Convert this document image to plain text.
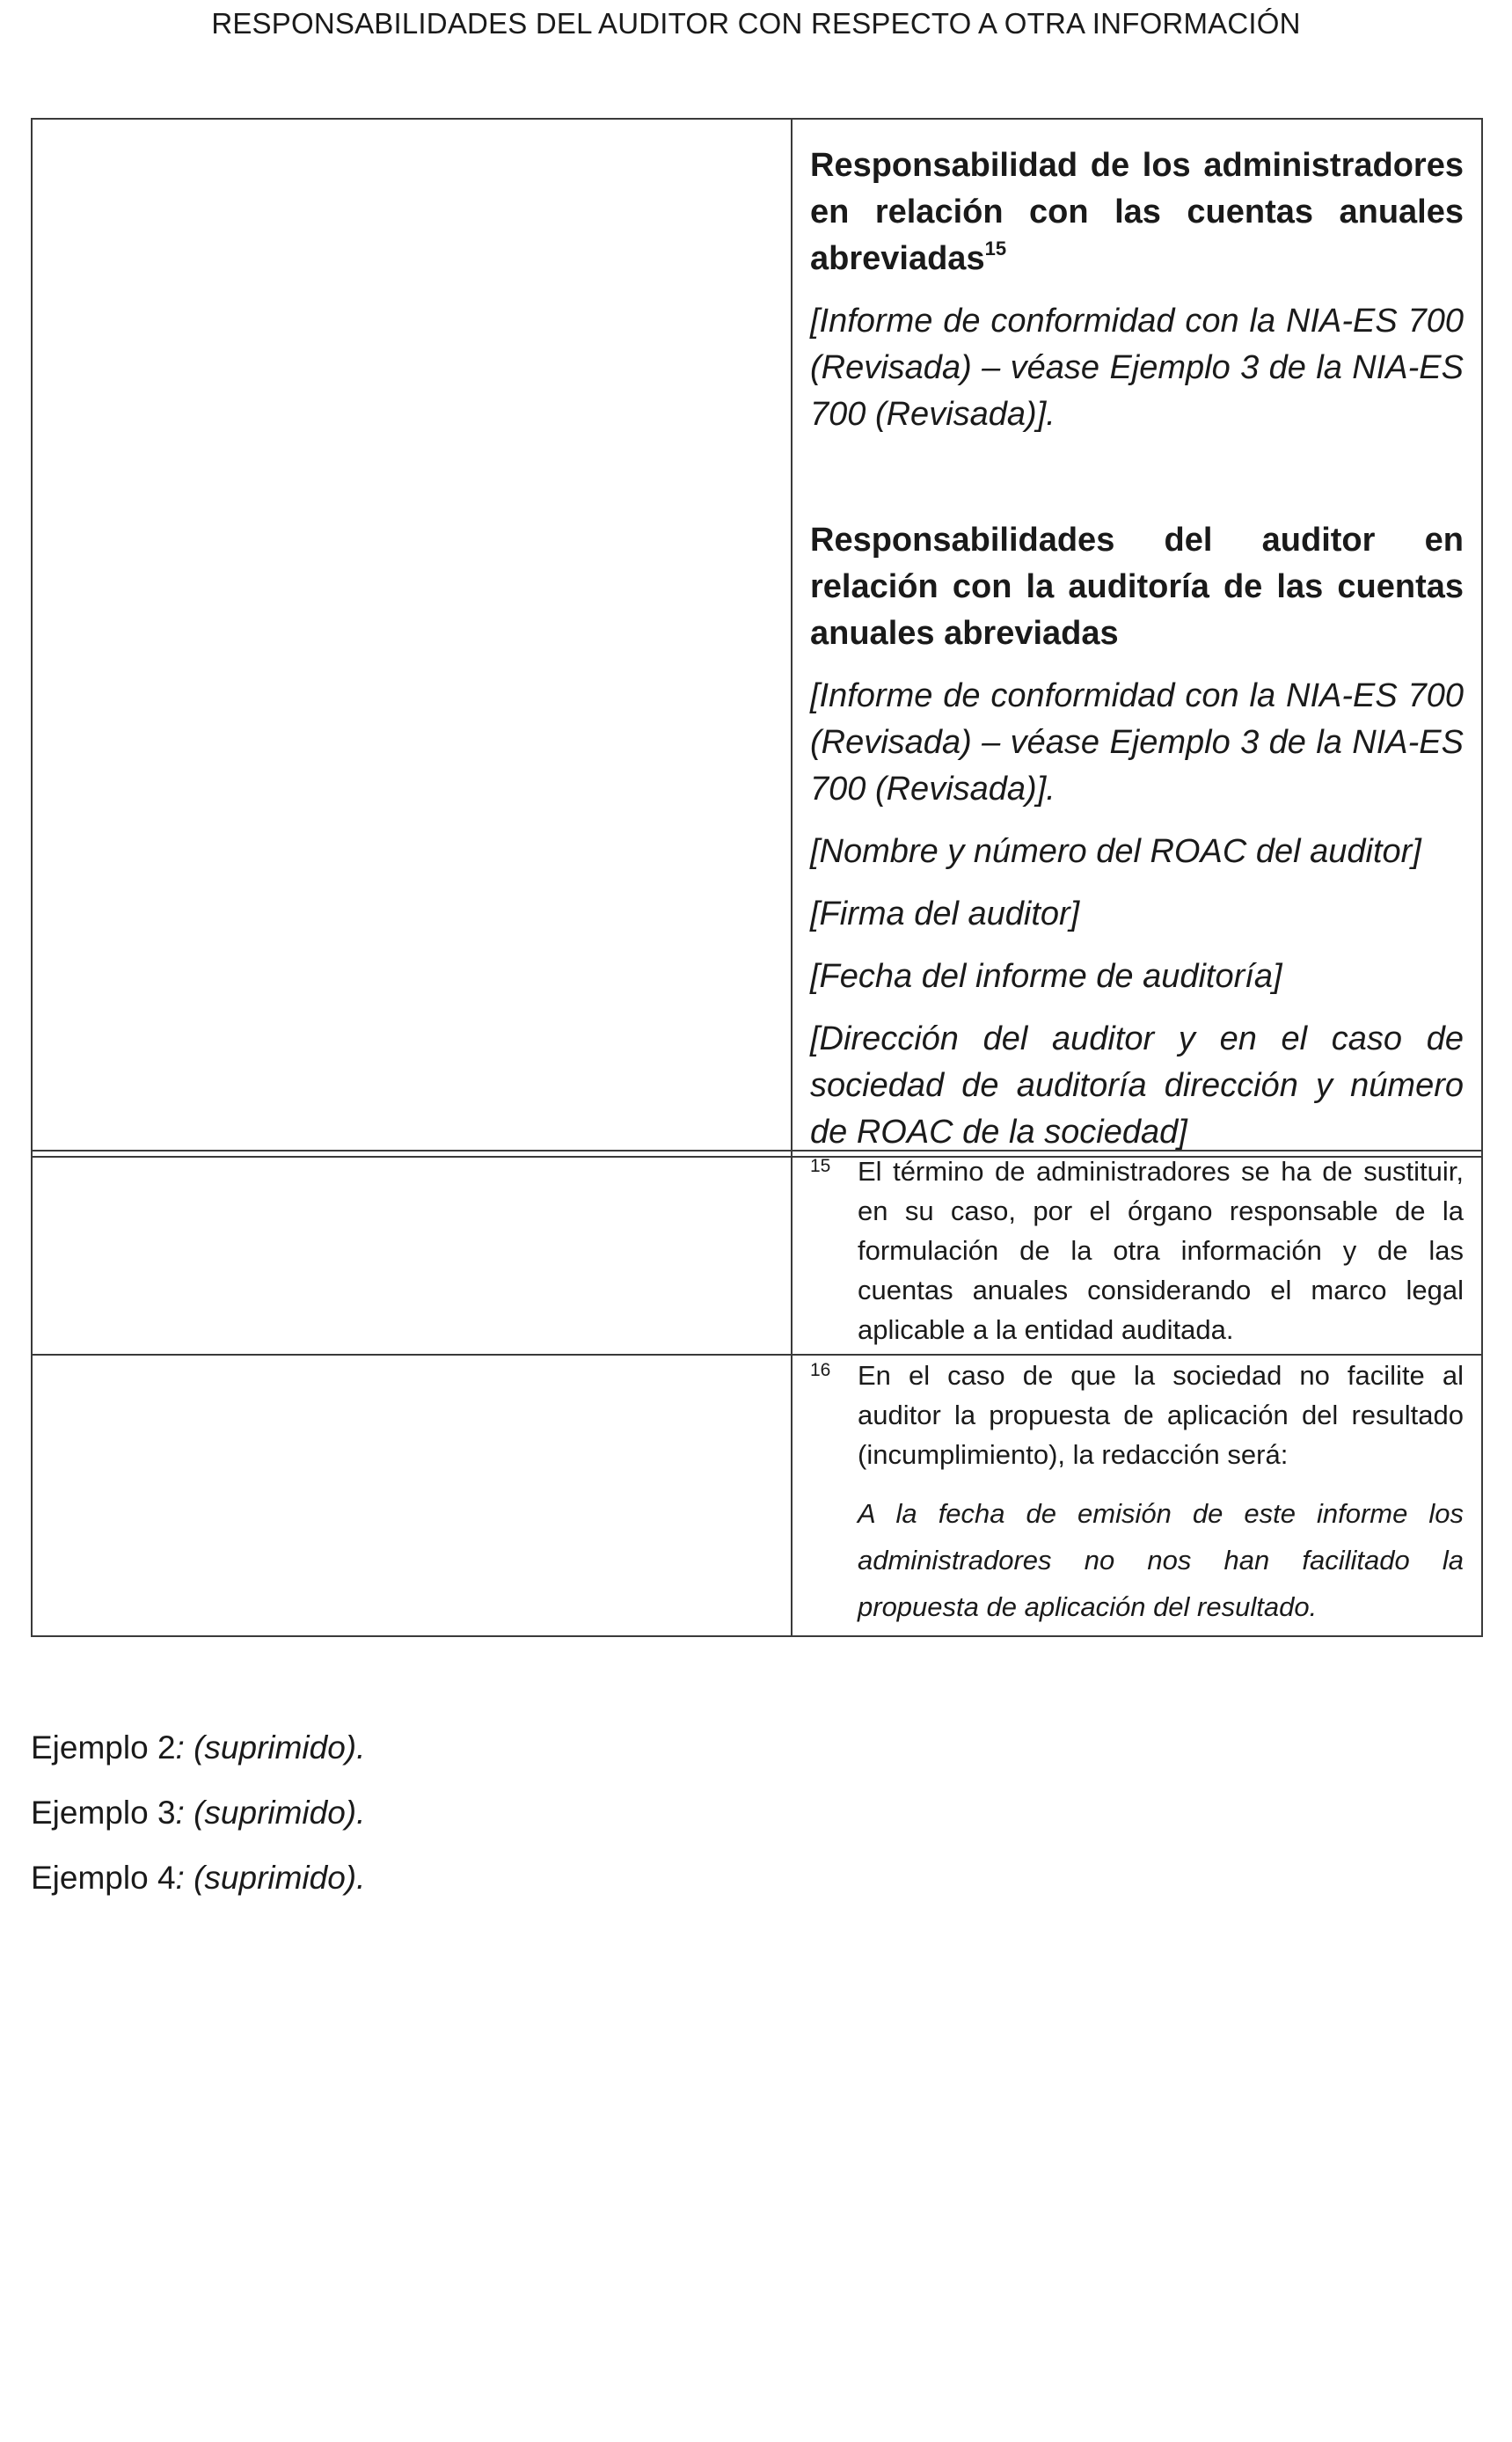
RESPONSABILIDADES DEL AUDITOR CON RESPECTO A OTRA INFORMACIÓN

Responsabilidad de los administradores en relación con las cuentas anuales abreviadas$^{15}$

[Informe de conformidad con la NIA-ES 700 (Revisada) – véase Ejemplo 3 de la NIA-ES 700 (Revisada)].

Responsabilidades del auditor en relación con la auditoría de las cuentas anuales abreviadas

[Informe de conformidad con la NIA-ES 700 (Revisada) – véase Ejemplo 3 de la NIA-ES 700 (Revisada)].

[Nombre y número del ROAC del auditor]

[Firma del auditor]

[Fecha del informe de auditoría]

[Dirección del auditor y en el caso de sociedad de auditoría dirección y número de ROAC de la sociedad]

	15 El término de administradores se ha de sustituir, en su caso, por el órgano responsable de la formulación de la otra información y de las cuentas anuales considerando el marco legal aplicable a la entidad auditada.

	16 En el caso de que la sociedad no facilite al auditor la propuesta de aplicación del resultado (incumplimiento), la redacción será:
A la fecha de emisión de este informe los administradores no nos han facilitado la propuesta de aplicación del resultado.

Ejemplo 2: (suprimido).

Ejemplo 3: (suprimido).

Ejemplo 4: (suprimido).
